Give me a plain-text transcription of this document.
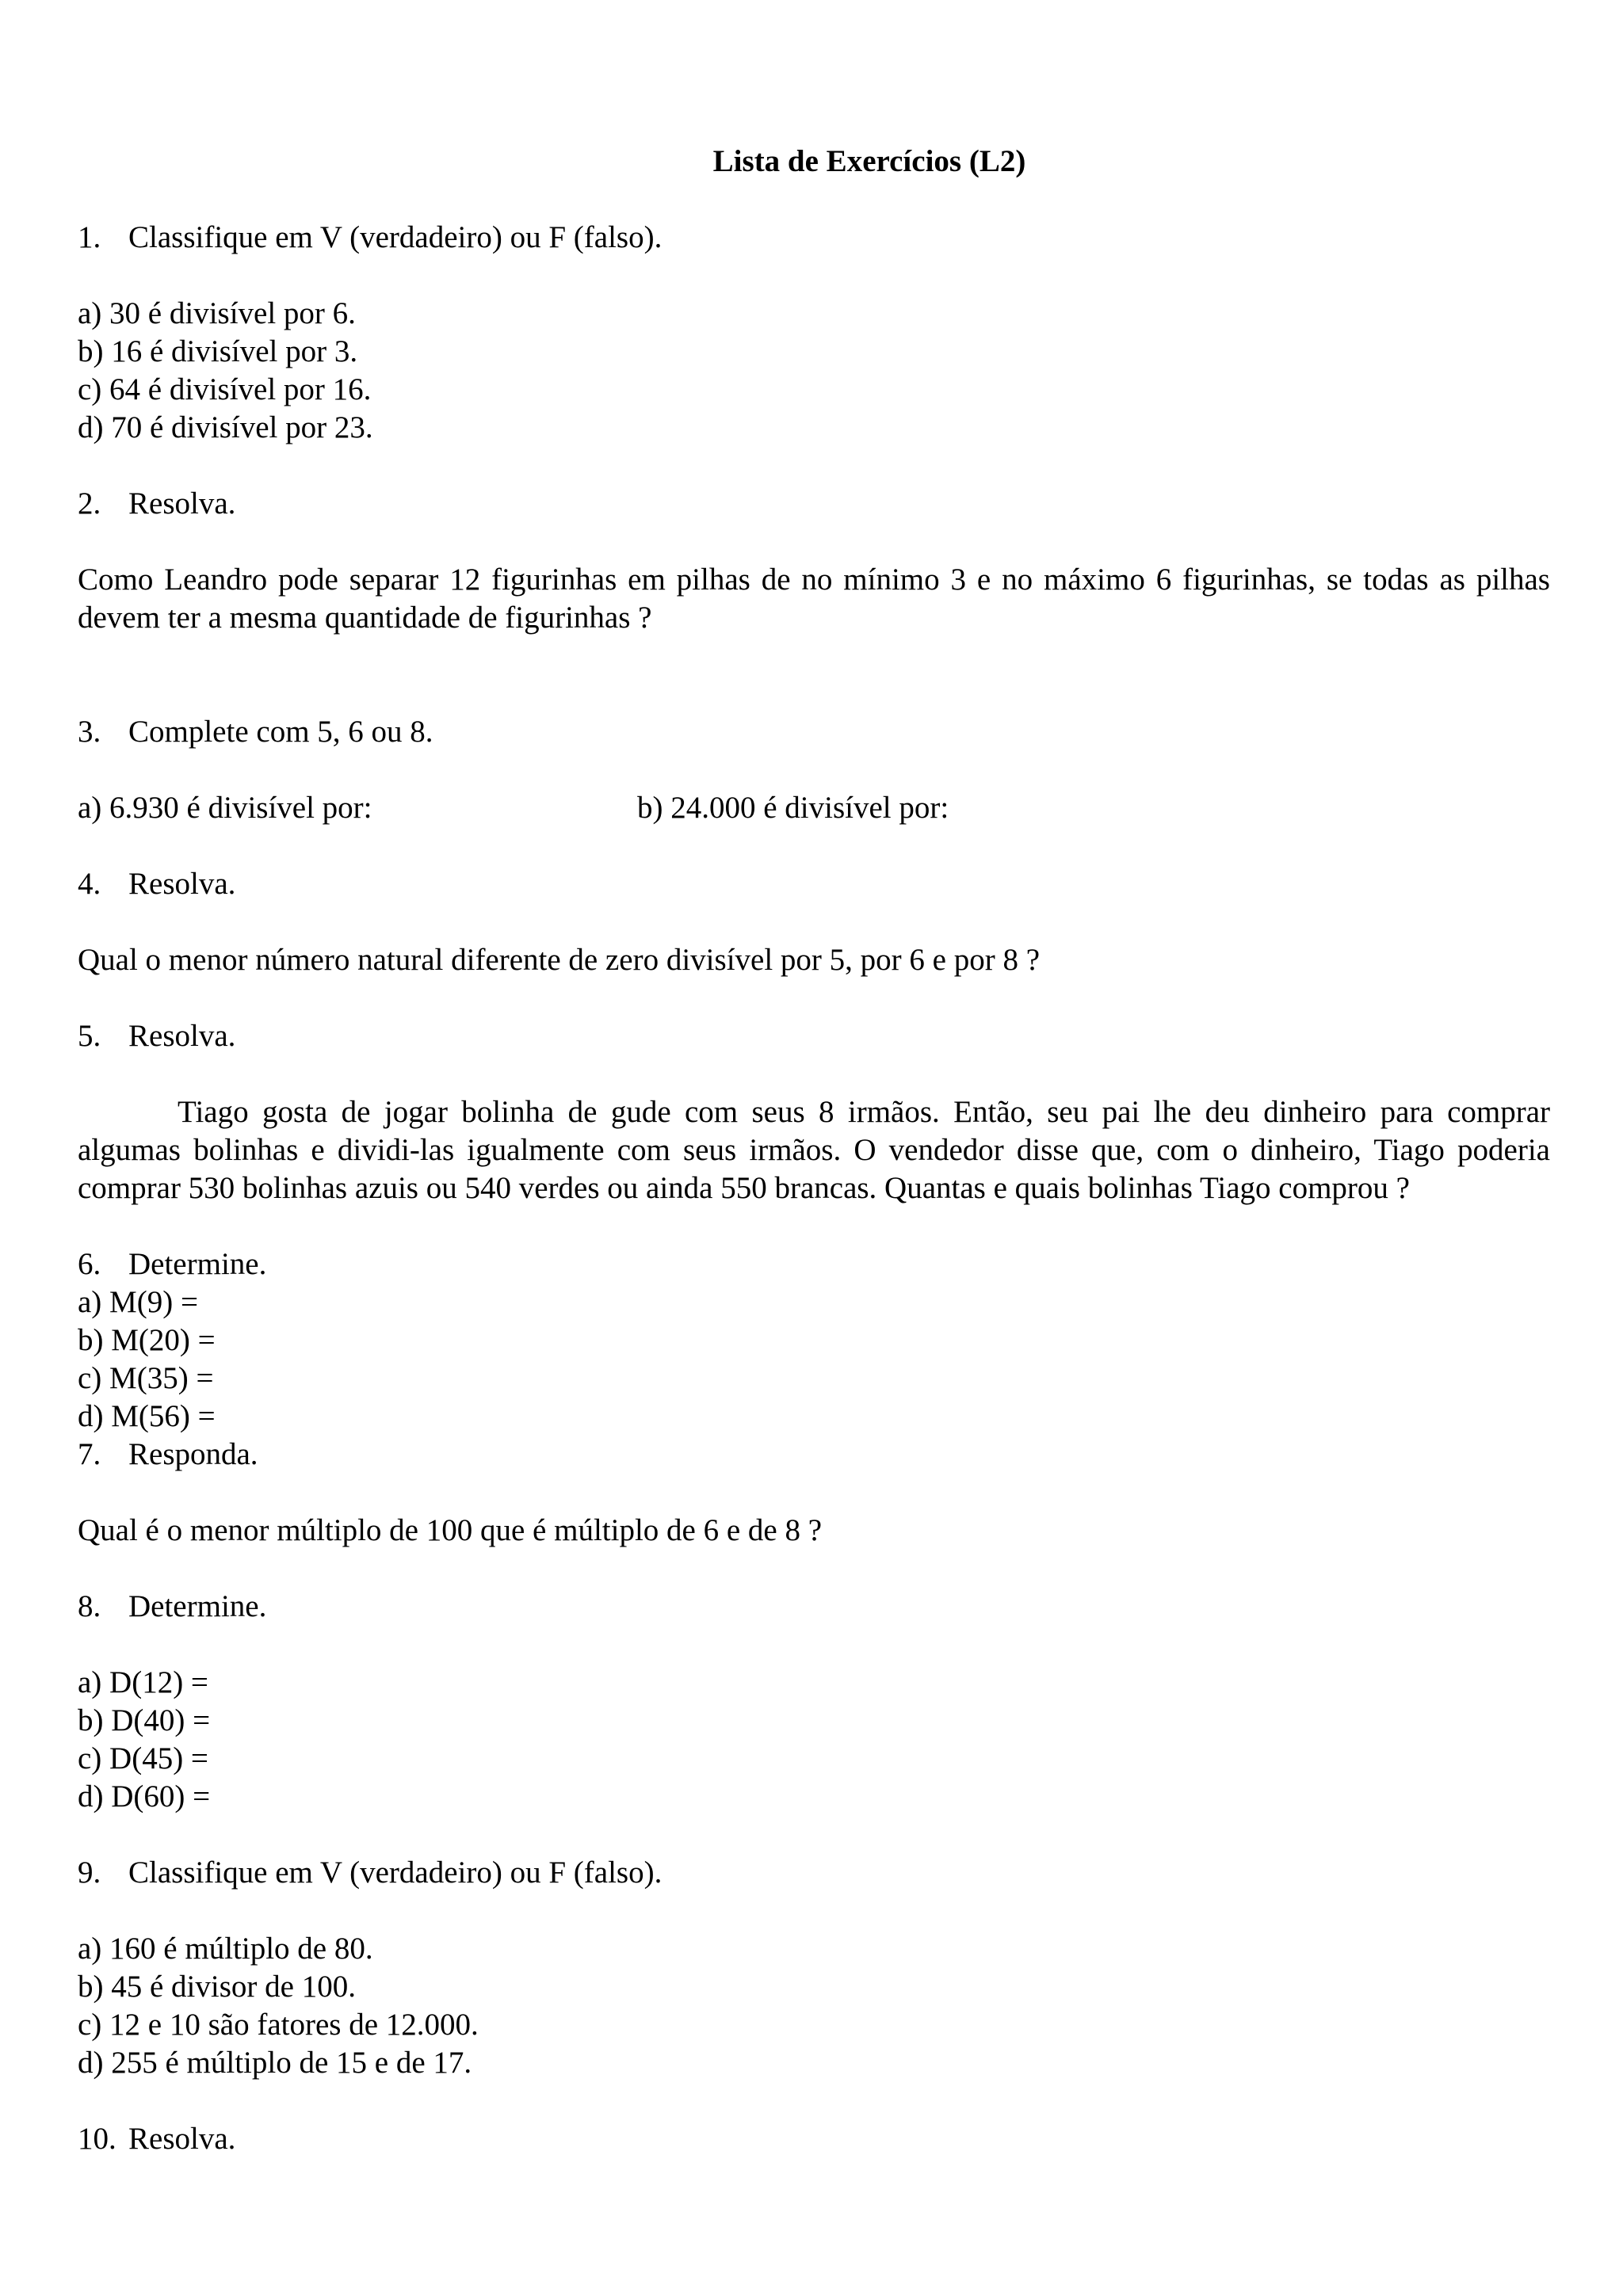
Lista de Exercícios (L2)

1. Classifique em V (verdadeiro) ou F (falso).

a) 30 é divisível por 6.

b) 16 é divisível por 3.

c) 64 é divisível por 16.

d) 70 é divisível por 23.

2. Resolva.

Como Leandro pode separar 12 figurinhas em pilhas de no mínimo 3 e no máximo 6 figurinhas, se todas as pilhas devem ter a mesma quantidade de figurinhas ?

3. Complete com 5, 6 ou 8.

a) 6.930 é divisível por:	b) 24.000 é divisível por:

4. Resolva.

Qual o menor número natural diferente de zero divisível por 5, por 6 e por 8 ?

5. Resolva.

Tiago gosta de jogar bolinha de gude com seus 8 irmãos. Então, seu pai lhe deu dinheiro para comprar algumas bolinhas e dividi-las igualmente com seus irmãos. O vendedor disse que, com o dinheiro, Tiago poderia comprar 530 bolinhas azuis ou 540 verdes ou ainda 550 brancas. Quantas e quais bolinhas Tiago comprou ?

6. Determine.

a) M(9) =

b) M(20) =

c) M(35) =

d) M(56) =

7. Responda.

Qual é o menor múltiplo de 100 que é múltiplo de 6 e de 8 ?

8. Determine.

a) D(12) =

b) D(40) =

c) D(45) =

d) D(60) =

9. Classifique em V (verdadeiro) ou F (falso).

a) 160 é múltiplo de 80.

b) 45 é divisor de 100.

c) 12 e 10 são fatores de 12.000.

d) 255 é múltiplo de 15 e de 17.

10. Resolva.
